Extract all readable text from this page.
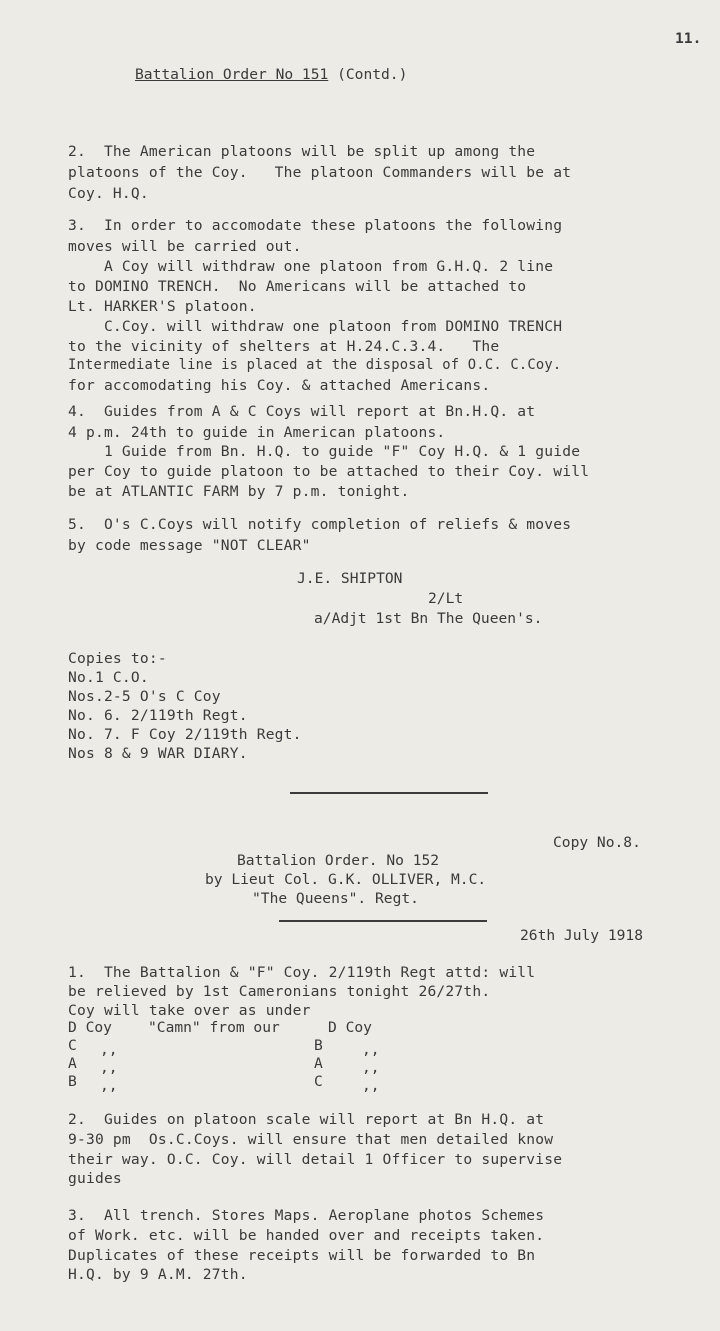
11.
Battalion Order No 151 (Contd.)

2.  The American platoons will be split up among the

platoons of the Coy.   The platoon Commanders will be at

Coy. H.Q.

3.  In order to accomodate these platoons the following

moves will be carried out.

A Coy will withdraw one platoon from G.H.Q. 2 line

to DOMINO TRENCH.  No Americans will be attached to

Lt. HARKER'S platoon.

C.Coy. will withdraw one platoon from DOMINO TRENCH

to the vicinity of shelters at H.24.C.3.4.   The

Intermediate line is placed at the disposal of O.C. C.Coy.

for accomodating his Coy. & attached Americans.

4.  Guides from A & C Coys will report at Bn.H.Q. at

4 p.m. 24th to guide in American platoons.

1 Guide from Bn. H.Q. to guide "F" Coy H.Q. & 1 guide

per Coy to guide platoon to be attached to their Coy. will

be at ATLANTIC FARM by 7 p.m. tonight.

5.  O's C.Coys will notify completion of reliefs & moves

by code message "NOT CLEAR"

J.E. SHIPTON
2/Lt
a/Adjt 1st Bn The Queen's.

Copies to:-

No.1 C.O.

Nos.2-5 O's C Coy

No. 6. 2/119th Regt.

No. 7. F Coy 2/119th Regt.

Nos 8 & 9 WAR DIARY.

Copy No.8.
Battalion Order. No 152
by Lieut Col. G.K. OLLIVER, M.C.
"The Queens". Regt.
26th July 1918

1.  The Battalion & "F" Coy. 2/119th Regt attd: will

be relieved by 1st Cameronians tonight 26/27th.

Coy will take over as under

D Coy "Camn" from our	D Coy
C ,,	B	,,
A ,,	A	,,
B ,,	C	,,

2.  Guides on platoon scale will report at Bn H.Q. at

9-30 pm  Os.C.Coys. will ensure that men detailed know

their way. O.C. Coy. will detail 1 Officer to supervise

guides

3.  All trench. Stores Maps. Aeroplane photos Schemes

of Work. etc. will be handed over and receipts taken.

Duplicates of these receipts will be forwarded to Bn

H.Q. by 9 A.M. 27th.
